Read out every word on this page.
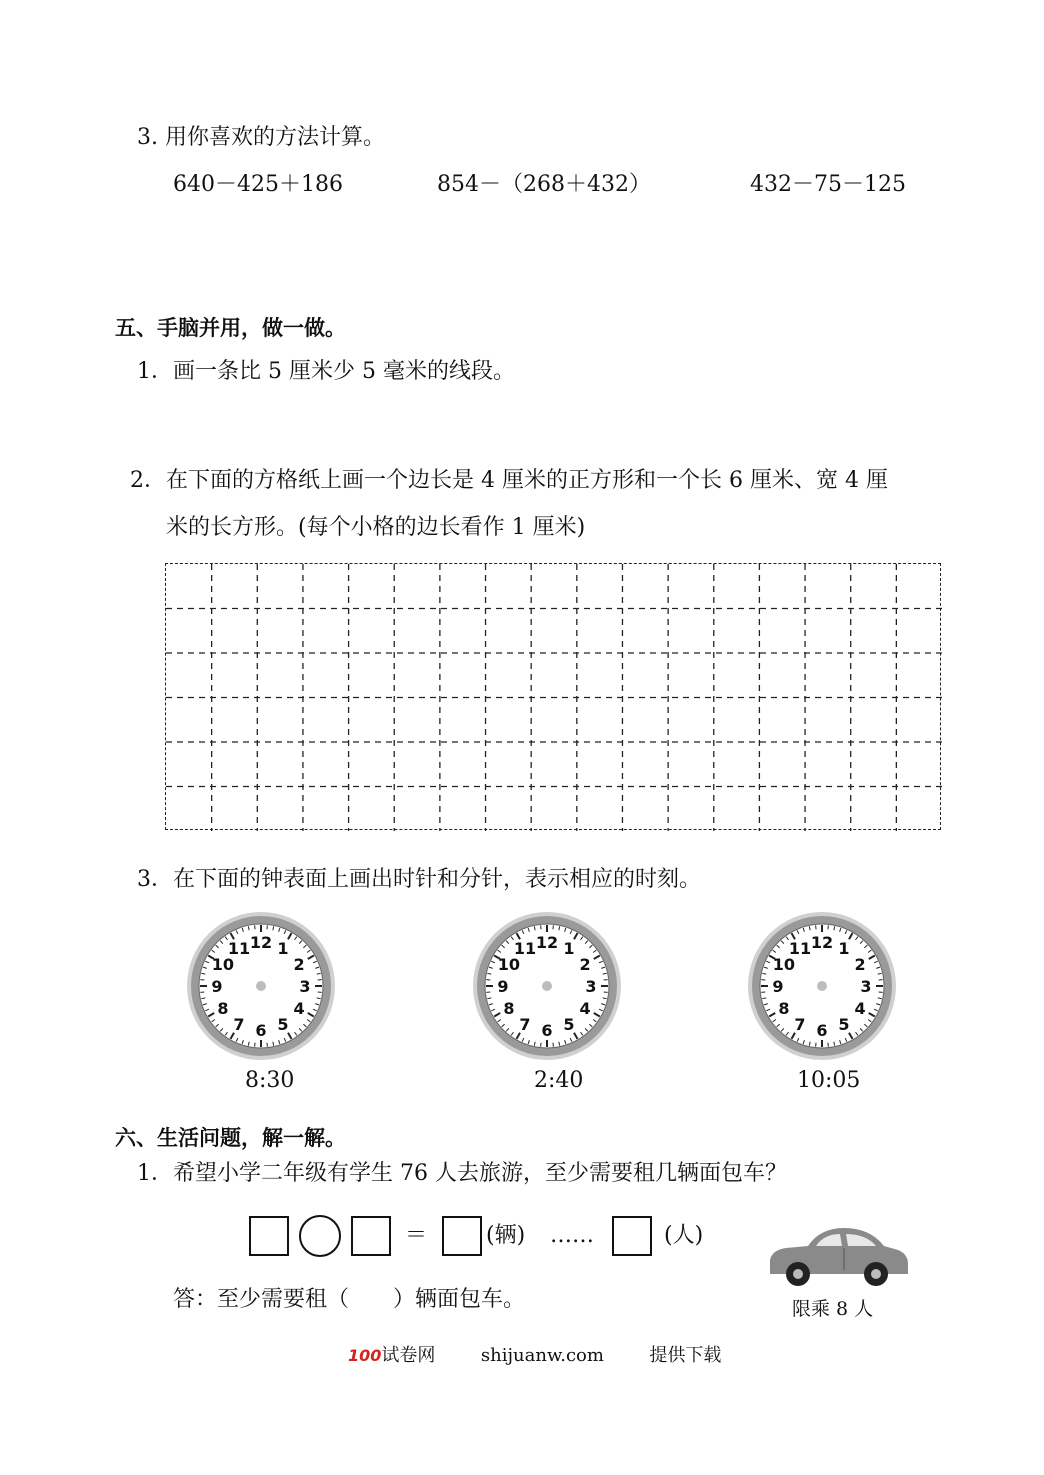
3. 用你喜欢的方法计算。
640－425＋186	854－（268＋432）	432－75－125
五、手脑并用，做一做。
1．画一条比 5 厘米少 5 毫米的线段。
2．在下面的方格纸上画一个边长是 4 厘米的正方形和一个长 6 厘米、宽 4 厘
米的长方形。(每个小格的边长看作 1 厘米)
3．在下面的钟表面上画出时针和分针，表示相应的时刻。
12 1
2
3
4
5
6
7
8
9
10
11	12 1
2
3
4
5
6
7
8
9
10
11	12 1
2
3
4
5
6
7
8
9
10
11
8:30	2:40	10:05
六、生活问题，解一解。
1．希望小学二年级有学生 76 人去旅游，至少需要租几辆面包车？
＝	(辆) ……	(人)
答：至少需要租（　　）辆面包车。	限乘 8 人
100试卷网	shijuanw.com	提供下载
